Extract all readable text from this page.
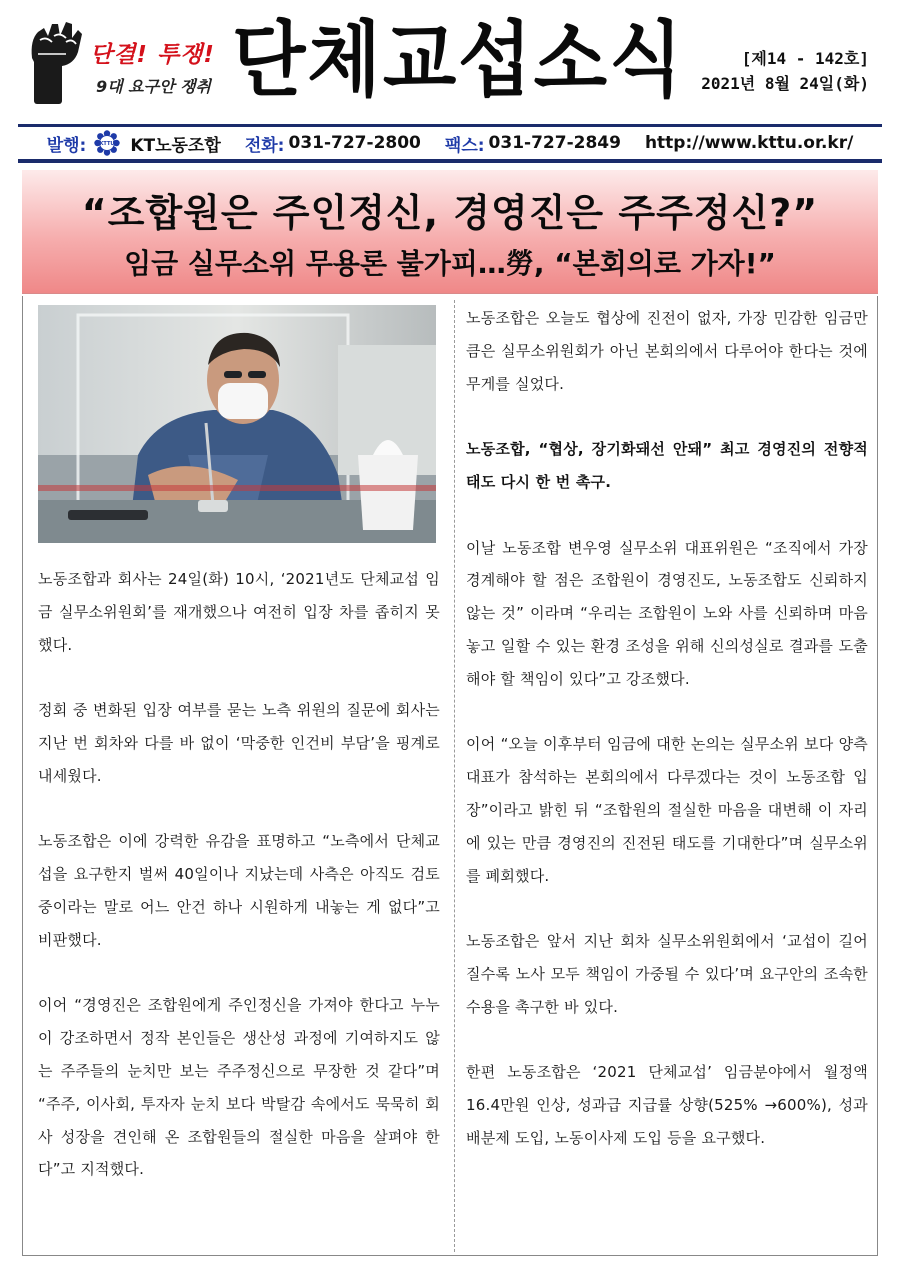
단결! 투쟁!
9대 요구안 쟁취 단체교섭소식	[제14 - 142호]
2021년 8월 24일(화)
발행:	KTTU KT노동조합 전화: 031-727-2800 팩스: 031-727-2849 http://www.kttu.or.kr/
“조합원은 주인정신, 경영진은 주주정신?”
임금 실무소위 무용론 불가피…勞, “본회의로 가자!”

노동조합과 회사는 24일(화) 10시, ‘2021년도 단체교섭 임금 실무소위원회’를 재개했으나 여전히 입장 차를 좁히지 못했다.

정회 중 변화된 입장 여부를 묻는 노측 위원의 질문에 회사는 지난 번 회차와 다를 바 없이 ‘막중한 인건비 부담’을 핑계로 내세웠다.

노동조합은 이에 강력한 유감을 표명하고 “노측에서 단체교섭을 요구한지 벌써 40일이나 지났는데 사측은 아직도 검토 중이라는 말로 어느 안건 하나 시원하게 내놓는 게 없다”고 비판했다.

이어 “경영진은 조합원에게 주인정신을 가져야 한다고 누누이 강조하면서 정작 본인들은 생산성 과정에 기여하지도 않는 주주들의 눈치만 보는 주주정신으로 무장한 것 같다”며 “주주, 이사회, 투자자 눈치 보다 박탈감 속에서도 묵묵히 회사 성장을 견인해 온 조합원들의 절실한 마음을 살펴야 한다”고 지적했다.

노동조합은 오늘도 협상에 진전이 없자, 가장 민감한 임금만큼은 실무소위원회가 아닌 본회의에서 다루어야 한다는 것에 무게를 실었다.

노동조합, “협상, 장기화돼선 안돼” 최고 경영진의 전향적 태도 다시 한 번 촉구.

이날 노동조합 변우영 실무소위 대표위원은 “조직에서 가장 경계해야 할 점은 조합원이 경영진도, 노동조합도 신뢰하지 않는 것” 이라며 “우리는 조합원이 노와 사를 신뢰하며 마음 놓고 일할 수 있는 환경 조성을 위해 신의성실로 결과를 도출해야 할 책임이 있다”고 강조했다.

이어 “오늘 이후부터 임금에 대한 논의는 실무소위 보다 양측 대표가 참석하는 본회의에서 다루겠다는 것이 노동조합 입장”이라고 밝힌 뒤 “조합원의 절실한 마음을 대변해 이 자리에 있는 만큼 경영진의 진전된 태도를 기대한다”며 실무소위를 폐회했다.

노동조합은 앞서 지난 회차 실무소위원회에서 ‘교섭이 길어질수록 노사 모두 책임이 가중될 수 있다’며 요구안의 조속한 수용을 촉구한 바 있다.

한편 노동조합은 ‘2021 단체교섭’ 임금분야에서 월정액 16.4만원 인상, 성과급 지급률 상향(525% →600%), 성과배분제 도입, 노동이사제 도입 등을 요구했다.
